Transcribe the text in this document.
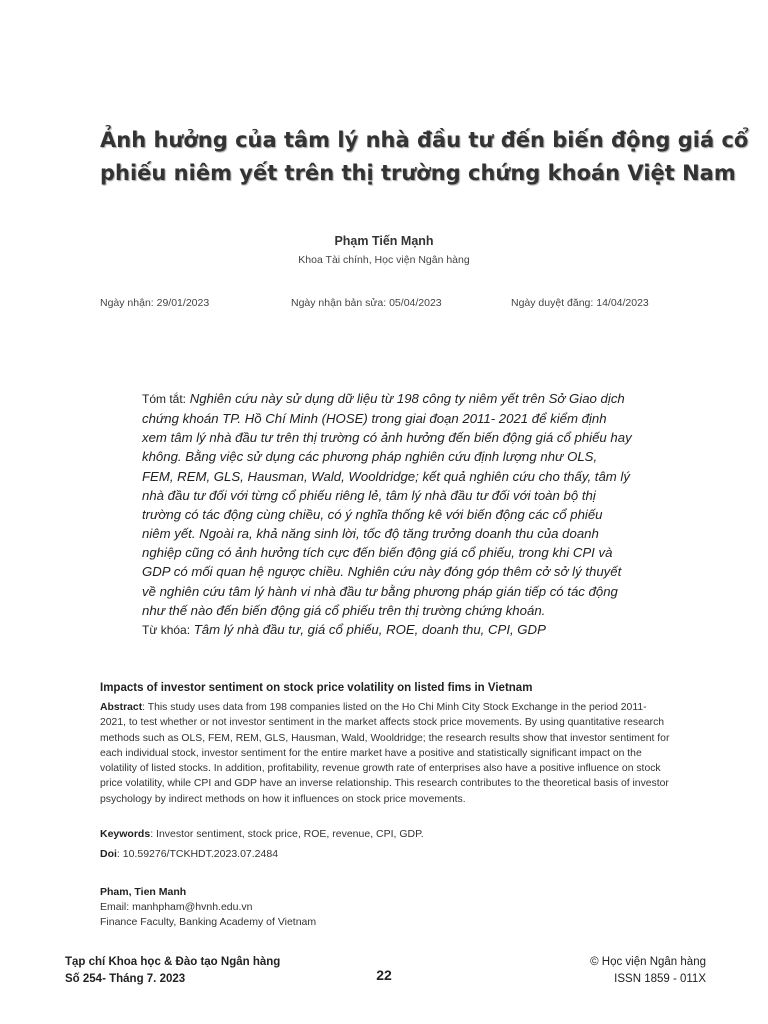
Ảnh hưởng của tâm lý nhà đầu tư đến biến động giá cổ
phiếu niêm yết trên thị trường chứng khoán Việt Nam
Phạm Tiến Mạnh
Khoa Tài chính, Học viện Ngân hàng
Ngày nhận: 29/01/2023	Ngày nhận bản sửa: 05/04/2023	Ngày duyệt đăng: 14/04/2023
Tóm tắt: Nghiên cứu này sử dụng dữ liệu từ 198 công ty niêm yết trên Sở Giao dịch chứng khoán TP. Hồ Chí Minh (HOSE) trong giai đoạn 2011- 2021 để kiểm định xem tâm lý nhà đầu tư trên thị trường có ảnh hưởng đến biến động giá cổ phiếu hay không. Bằng việc sử dụng các phương pháp nghiên cứu định lượng như OLS, FEM, REM, GLS, Hausman, Wald, Wooldridge; kết quả nghiên cứu cho thấy, tâm lý nhà đầu tư đối với từng cổ phiếu riêng lẻ, tâm lý nhà đầu tư đối với toàn bộ thị trường có tác động cùng chiều, có ý nghĩa thống kê với biến động các cổ phiếu niêm yết. Ngoài ra, khả năng sinh lời, tốc độ tăng trưởng doanh thu của doanh nghiệp cũng có ảnh hưởng tích cực đến biến động giá cổ phiếu, trong khi CPI và GDP có mối quan hệ ngược chiều. Nghiên cứu này đóng góp thêm cở sở lý thuyết về nghiên cứu tâm lý hành vi nhà đầu tư bằng phương pháp gián tiếp có tác động như thế nào đến biến động giá cổ phiếu trên thị trường chứng khoán.
Từ khóa: Tâm lý nhà đầu tư, giá cổ phiếu, ROE, doanh thu, CPI, GDP
Impacts of investor sentiment on stock price volatility on listed fims in Vietnam
Abstract: This study uses data from 198 companies listed on the Ho Chi Minh City Stock Exchange in the period 2011-2021, to test whether or not investor sentiment in the market affects stock price movements. By using quantitative research methods such as OLS, FEM, REM, GLS, Hausman, Wald, Wooldridge; the research results show that investor sentiment for each individual stock, investor sentiment for the entire market have a positive and statistically significant impact on the volatility of listed stocks. In addition, profitability, revenue growth rate of enterprises also have a positive influence on stock price volatility, while CPI and GDP have an inverse relationship. This research contributes to the theoretical basis of investor psychology by indirect methods on how it influences on stock price movements.
Keywords: Investor sentiment, stock price, ROE, revenue, CPI, GDP.
Doi: 10.59276/TCKHDT.2023.07.2484
Pham, Tien Manh
Email: manhpham@hvnh.edu.vn
Finance Faculty, Banking Academy of Vietnam
Tạp chí Khoa học & Đào tạo Ngân hàng
Số 254- Tháng 7. 2023	22
© Học viện Ngân hàng
ISSN 1859 - 011X
